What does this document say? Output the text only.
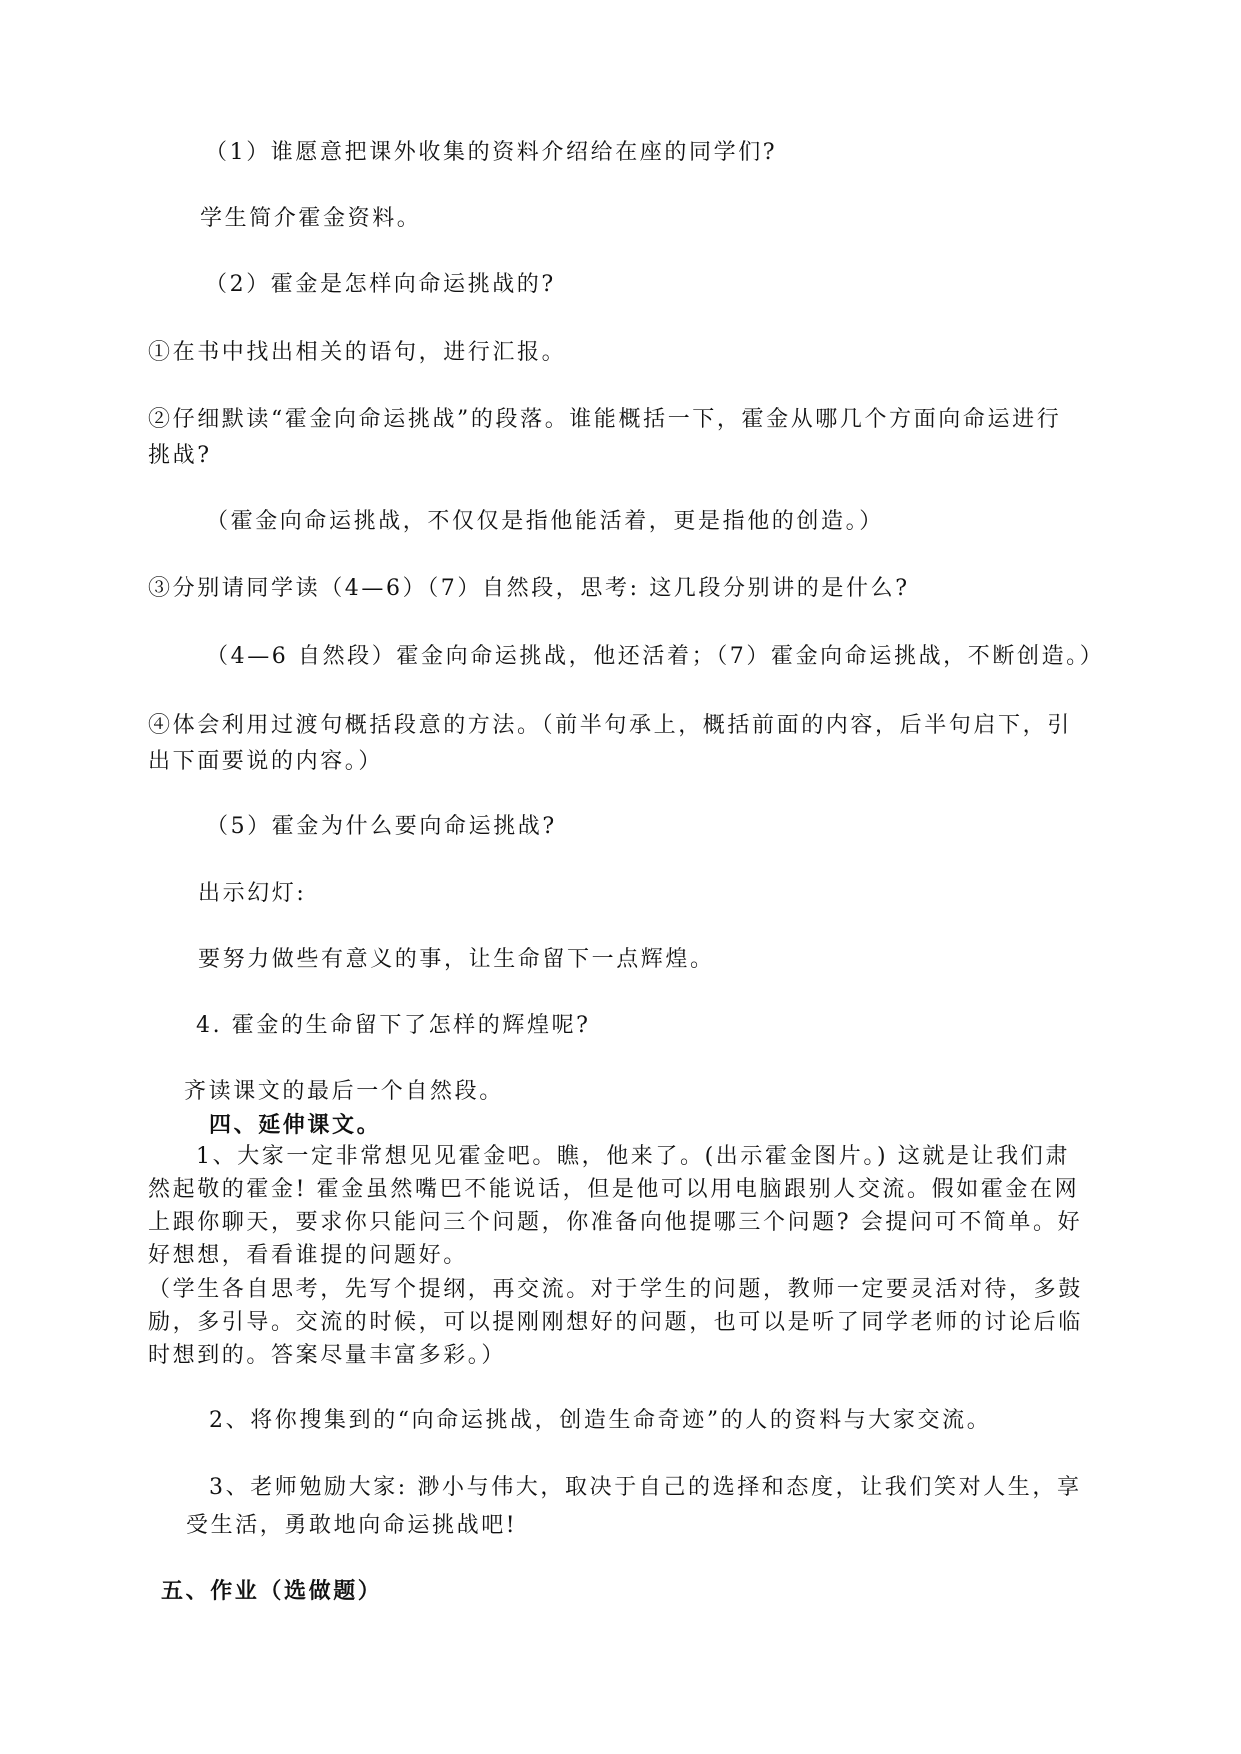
（1）谁愿意把课外收集的资料介绍给在座的同学们?
学生简介霍金资料。
（2）霍金是怎样向命运挑战的?
①在书中找出相关的语句，进行汇报。
②仔细默读“霍金向命运挑战”的段落。谁能概括一下，霍金从哪几个方面向命运进行
挑战?
（霍金向命运挑战，不仅仅是指他能活着，更是指他的创造。）
③分别请同学读（4—6）（7）自然段，思考: 这几段分别讲的是什么?
（4—6 自然段）霍金向命运挑战，他还活着；（7）霍金向命运挑战，不断创造。）
④体会利用过渡句概括段意的方法。（前半句承上，概括前面的内容，后半句启下，引
出下面要说的内容。）
（5）霍金为什么要向命运挑战?
出示幻灯:
要努力做些有意义的事，让生命留下一点辉煌。
4. 霍金的生命留下了怎样的辉煌呢?
齐读课文的最后一个自然段。
四、延伸课文。
1、大家一定非常想见见霍金吧。瞧，他来了。(出示霍金图片。) 这就是让我们肃
然起敬的霍金! 霍金虽然嘴巴不能说话，但是他可以用电脑跟别人交流。假如霍金在网
上跟你聊天，要求你只能问三个问题，你准备向他提哪三个问题? 会提问可不简单。好
好想想，看看谁提的问题好。
（学生各自思考，先写个提纲，再交流。对于学生的问题，教师一定要灵活对待，多鼓
励，多引导。交流的时候，可以提刚刚想好的问题，也可以是听了同学老师的讨论后临
时想到的。答案尽量丰富多彩。）
2、将你搜集到的“向命运挑战，创造生命奇迹”的人的资料与大家交流。
3、老师勉励大家: 渺小与伟大，取决于自己的选择和态度，让我们笑对人生，享
受生活，勇敢地向命运挑战吧!
五、作业（选做题）
